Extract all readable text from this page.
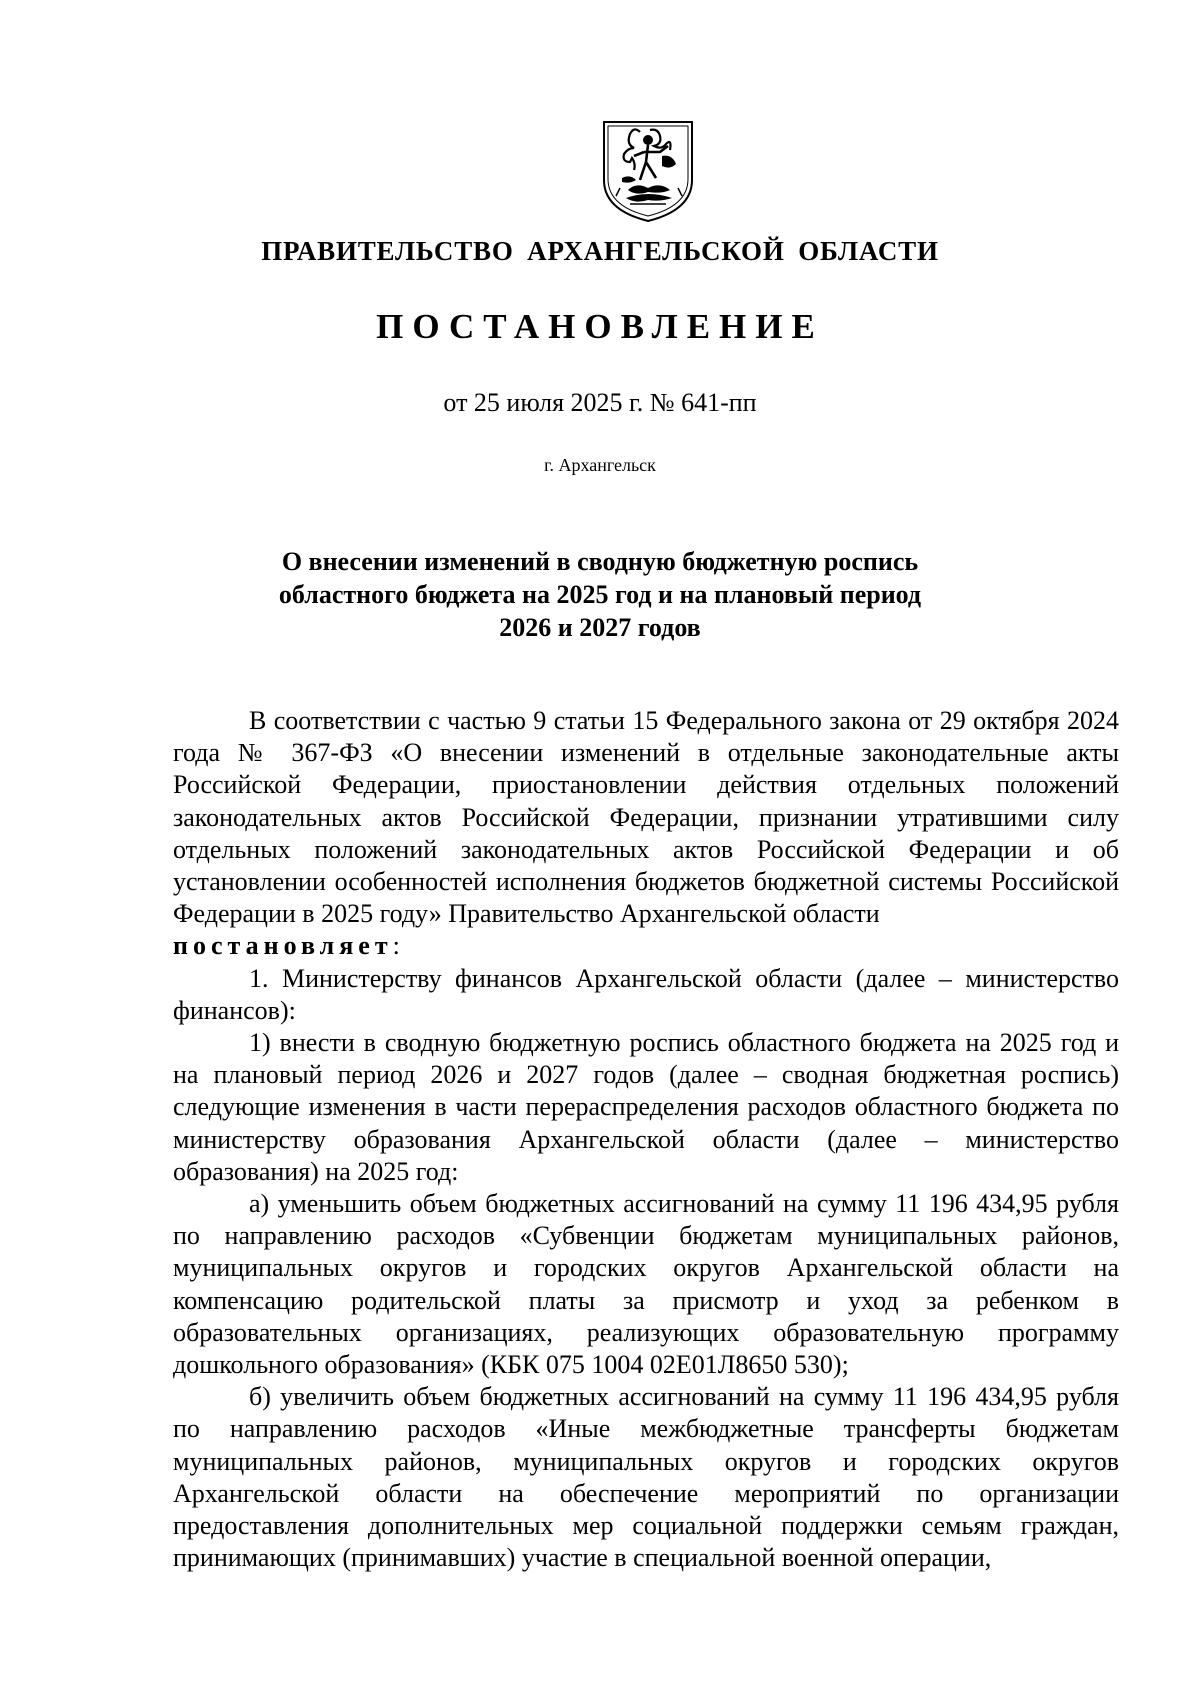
ПРАВИТЕЛЬСТВО АРХАНГЕЛЬСКОЙ ОБЛАСТИ

ПОСТАНОВЛЕНИЕ

от 25 июля 2025 г. № 641-пп

г. Архангельск

О внесении изменений в сводную бюджетную роспись
областного бюджета на 2025 год и на плановый период
2026 и 2027 годов

В соответствии с частью 9 статьи 15 Федерального закона от 29 октября 2024 года № 367-ФЗ «О внесении изменений в отдельные законодательные акты Российской Федерации, приостановлении действия отдельных положений законодательных актов Российской Федерации, признании утратившими силу отдельных положений законодательных актов Российской Федерации и об установлении особенностей исполнения бюджетов бюджетной системы Российской Федерации в 2025 году» Правительство Архангельской области

постановляет:

1. Министерству финансов Архангельской области (далее – министерство финансов):

1) внести в сводную бюджетную роспись областного бюджета на 2025 год и на плановый период 2026 и 2027 годов (далее – сводная бюджетная роспись) следующие изменения в части перераспределения расходов областного бюджета по министерству образования Архангельской области (далее – министерство образования) на 2025 год:

а) уменьшить объем бюджетных ассигнований на сумму 11 196 434,95 рубля по направлению расходов «Субвенции бюджетам муниципальных районов, муниципальных округов и городских округов Архангельской области на компенсацию родительской платы за присмотр и уход за ребенком в образовательных организациях, реализующих образовательную программу дошкольного образования» (КБК 075 1004 02Е01Л8650 530);

б) увеличить объем бюджетных ассигнований на сумму 11 196 434,95 рубля по направлению расходов «Иные межбюджетные трансферты бюджетам муниципальных районов, муниципальных округов и городских округов Архангельской области на обеспечение мероприятий по организации предоставления дополнительных мер социальной поддержки семьям граждан, принимающих (принимавших) участие в специальной военной операции,
